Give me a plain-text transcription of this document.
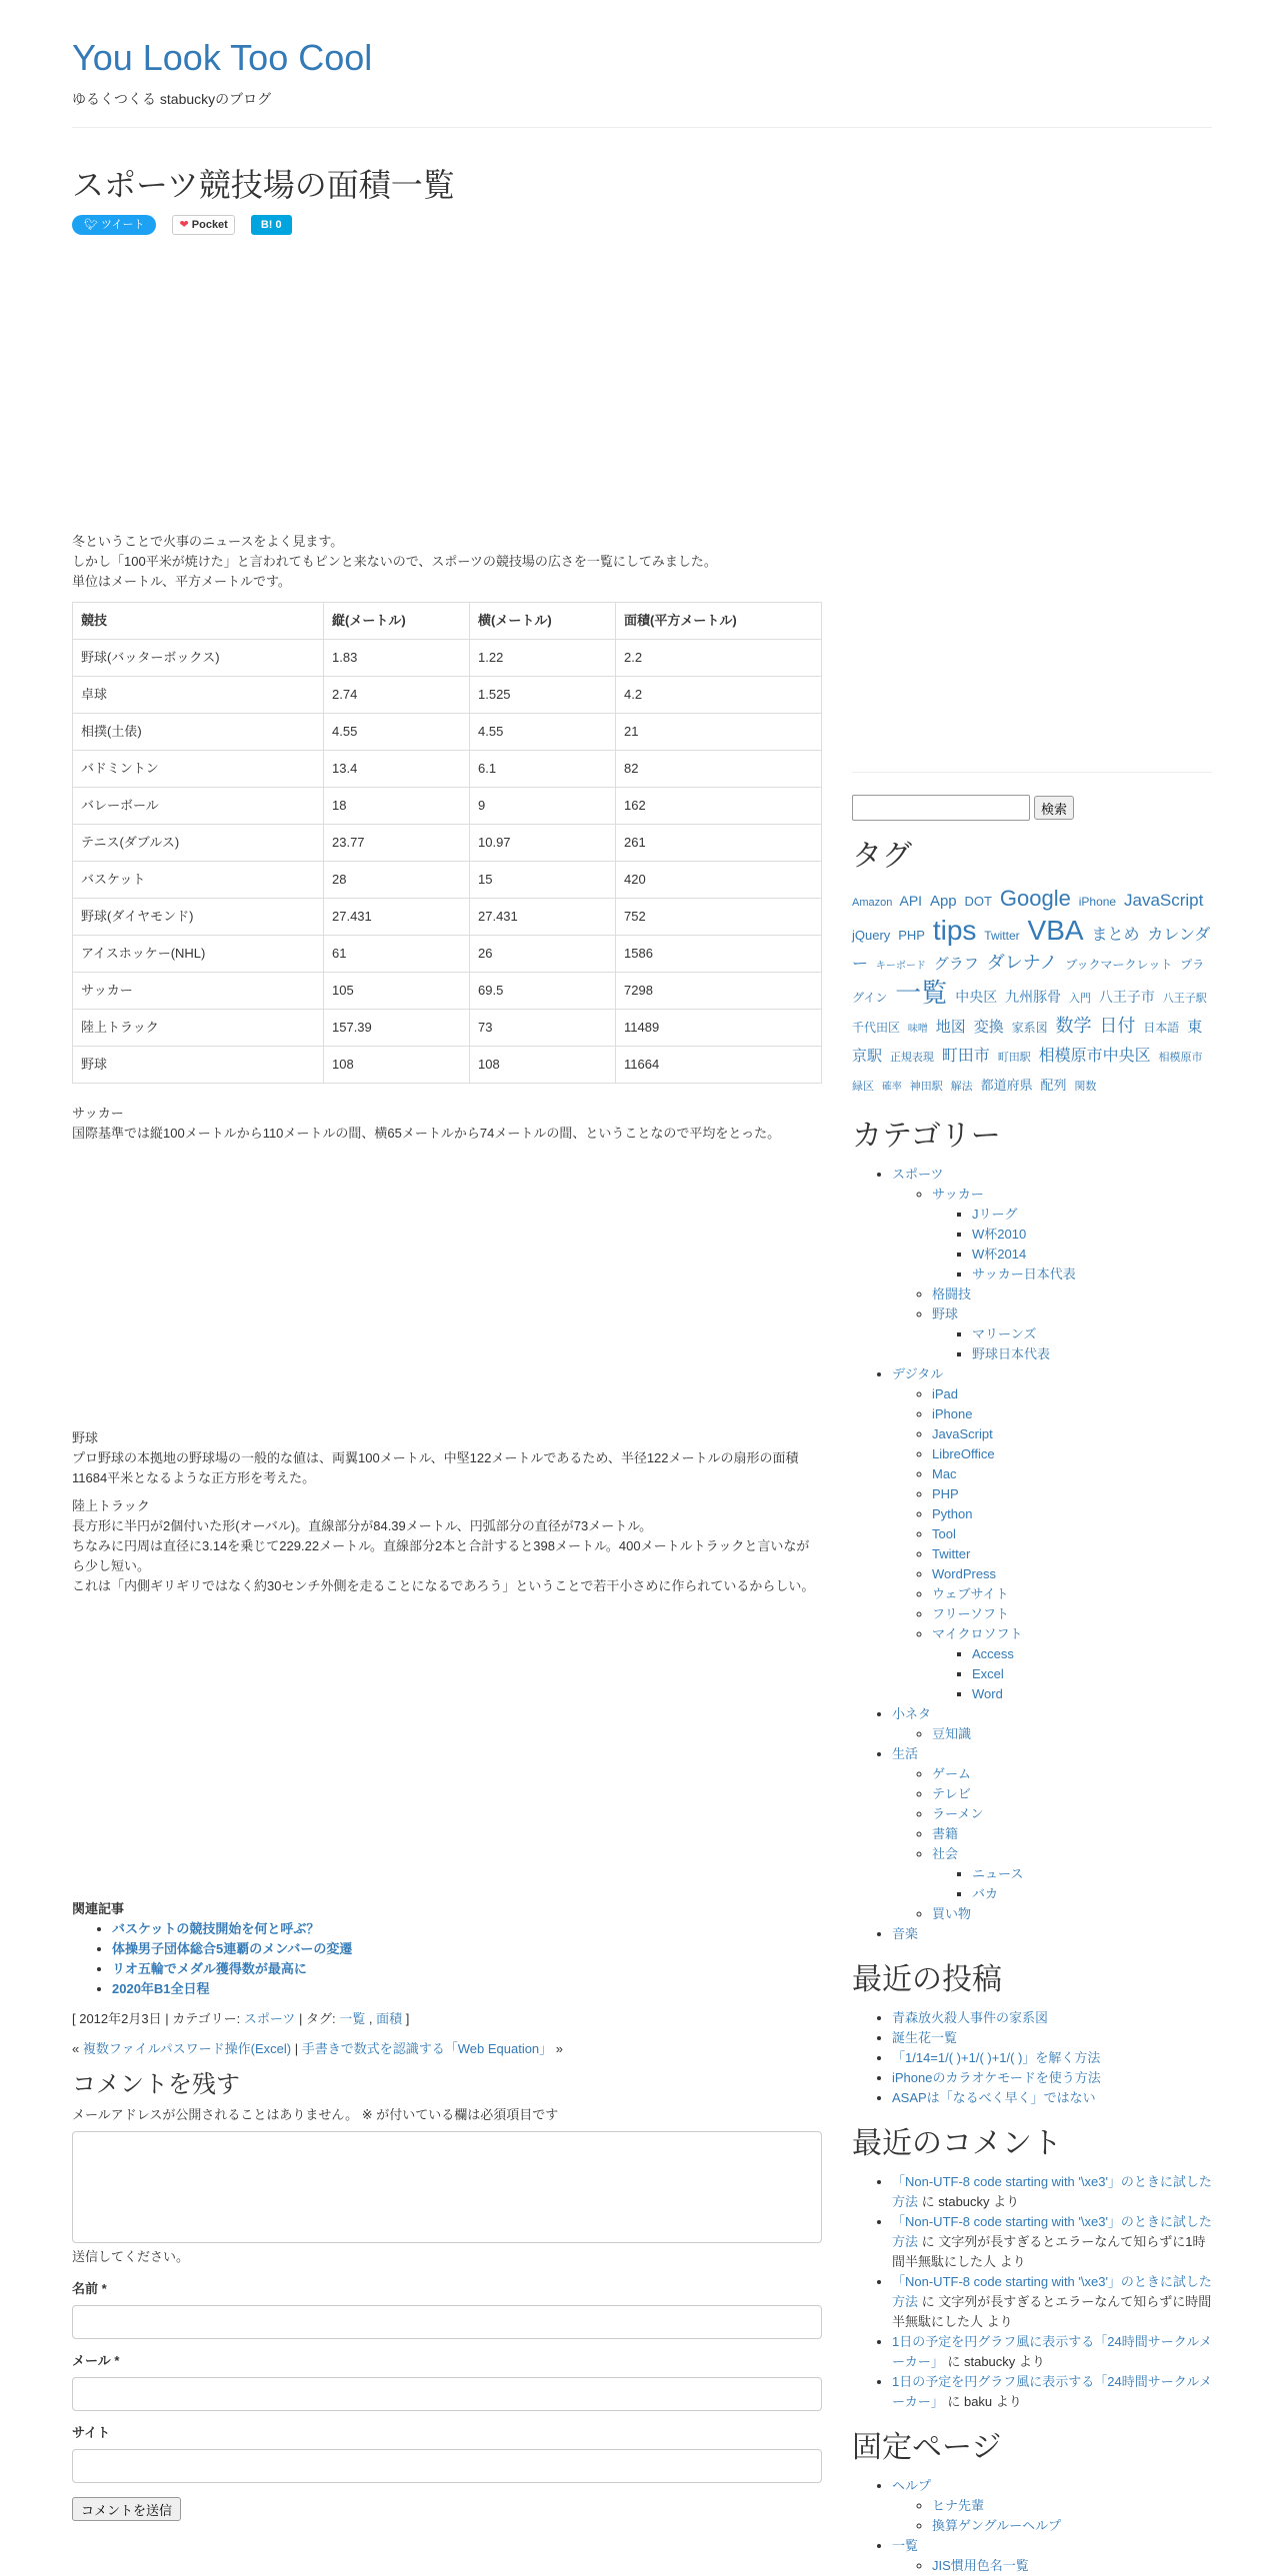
You Look Too Cool

ゆるくつくる stabuckyのブログ

スポーツ競技場の面積一覧
🐦︎ ツイート	❤ Pocket	B! 0

冬ということで火事のニュースをよく見ます。

しかし「100平米が焼けた」と言われてもピンと来ないので、スポーツの競技場の広さを一覧にしてみました。

単位はメートル、平方メートルです。

競技	縦(メートル)	横(メートル)	面積(平方メートル)
野球(バッターボックス)	1.83	1.22	2.2
卓球	2.74	1.525	4.2
相撲(土俵)	4.55	4.55	21
バドミントン	13.4	6.1	82
バレーボール	18	9	162
テニス(ダブルス)	23.77	10.97	261
バスケット	28	15	420
野球(ダイヤモンド)	27.431	27.431	752
アイスホッケー(NHL)	61	26	1586
サッカー	105	69.5	7298
陸上トラック	157.39	73	11489
野球	108	108	11664

サッカー

国際基準では縦100メートルから110メートルの間、横65メートルから74メートルの間、ということなので平均をとった。

野球
プロ野球の本拠地の野球場の一般的な値は、両翼100メートル、中堅122メートルであるため、半径122メートルの扇形の面積11684平米となるような正方形を考えた。

陸上トラック
長方形に半円が2個付いた形(オーバル)。直線部分が84.39メートル、円弧部分の直径が73メートル。
ちなみに円周は直径に3.14を乗じて229.22メートル。直線部分2本と合計すると398メートル。400メートルトラックと言いながら少し短い。
これは「内側ギリギリではなく約30センチ外側を走ることになるであろう」ということで若干小さめに作られているからしい。

関連記事

• バスケットの競技開始を何と呼ぶ？
• 体操男子団体総合5連覇のメンバーの変遷
• リオ五輪でメダル獲得数が最高に
• 2020年B1全日程
[ 2012年2月3日 | カテゴリー: スポーツ | タグ: 一覧 , 面積 ]
« 複数ファイルパスワード操作(Excel) | 手書きで数式を認識する「Web Equation」 »
コメントを残す

メールアドレスが公開されることはありません。 ※ が付いている欄は必須項目です

送信してください。

名前 *

メール *

サイト

コメントを送信
検索
タグ
Amazon API App DOT Google iPhone JavaScript jQuery PHP tips Twitter VBA まとめ カレンダー キーボード グラフ ダレナノ ブックマークレット プラグイン 一覧 中央区 九州豚骨 入門 八王子市 八王子駅 千代田区 味噌 地図 変換 家系図 数学 日付 日本語 東京駅 正規表現 町田市 町田駅 相模原市中央区 相模原市緑区 確率 神田駅 解法 都道府県 配列 関数
カテゴリー
• スポーツ
◦ サッカー
▪ Jリーグ
▪ W杯2010
▪ W杯2014
▪ サッカー日本代表
◦ 格闘技
◦ 野球
▪ マリーンズ
▪ 野球日本代表
• デジタル
◦ iPad
◦ iPhone
◦ JavaScript
◦ LibreOffice
◦ Mac
◦ PHP
◦ Python
◦ Tool
◦ Twitter
◦ WordPress
◦ ウェブサイト
◦ フリーソフト
◦ マイクロソフト
▪ Access
▪ Excel
▪ Word
• 小ネタ
◦ 豆知識
• 生活
◦ ゲーム
◦ テレビ
◦ ラーメン
◦ 書籍
◦ 社会
▪ ニュース
▪ バカ
◦ 買い物
• 音楽
最近の投稿
• 青森放火殺人事件の家系図
• 誕生花一覧
• 「1/14=1/( )+1/( )+1/( )」を解く方法
• iPhoneのカラオケモードを使う方法
• ASAPは「なるべく早く」ではない
最近のコメント
• 「Non-UTF-8 code starting with '\xe3'」のときに試した方法 に stabucky より
• 「Non-UTF-8 code starting with '\xe3'」のときに試した方法 に 文字列が長すぎるとエラーなんて知らずに1時間半無駄にした人 より
• 「Non-UTF-8 code starting with '\xe3'」のときに試した方法 に 文字列が長すぎるとエラーなんて知らずに時間半無駄にした人 より
• 1日の予定を円グラフ風に表示する「24時間サークルメーカー」 に stabucky より
• 1日の予定を円グラフ風に表示する「24時間サークルメーカー」 に baku より
固定ページ
• ヘルプ
◦ ヒナ先輩
◦ 換算ゲングルーヘルプ
• 一覧
◦ JIS慣用色名一覧
